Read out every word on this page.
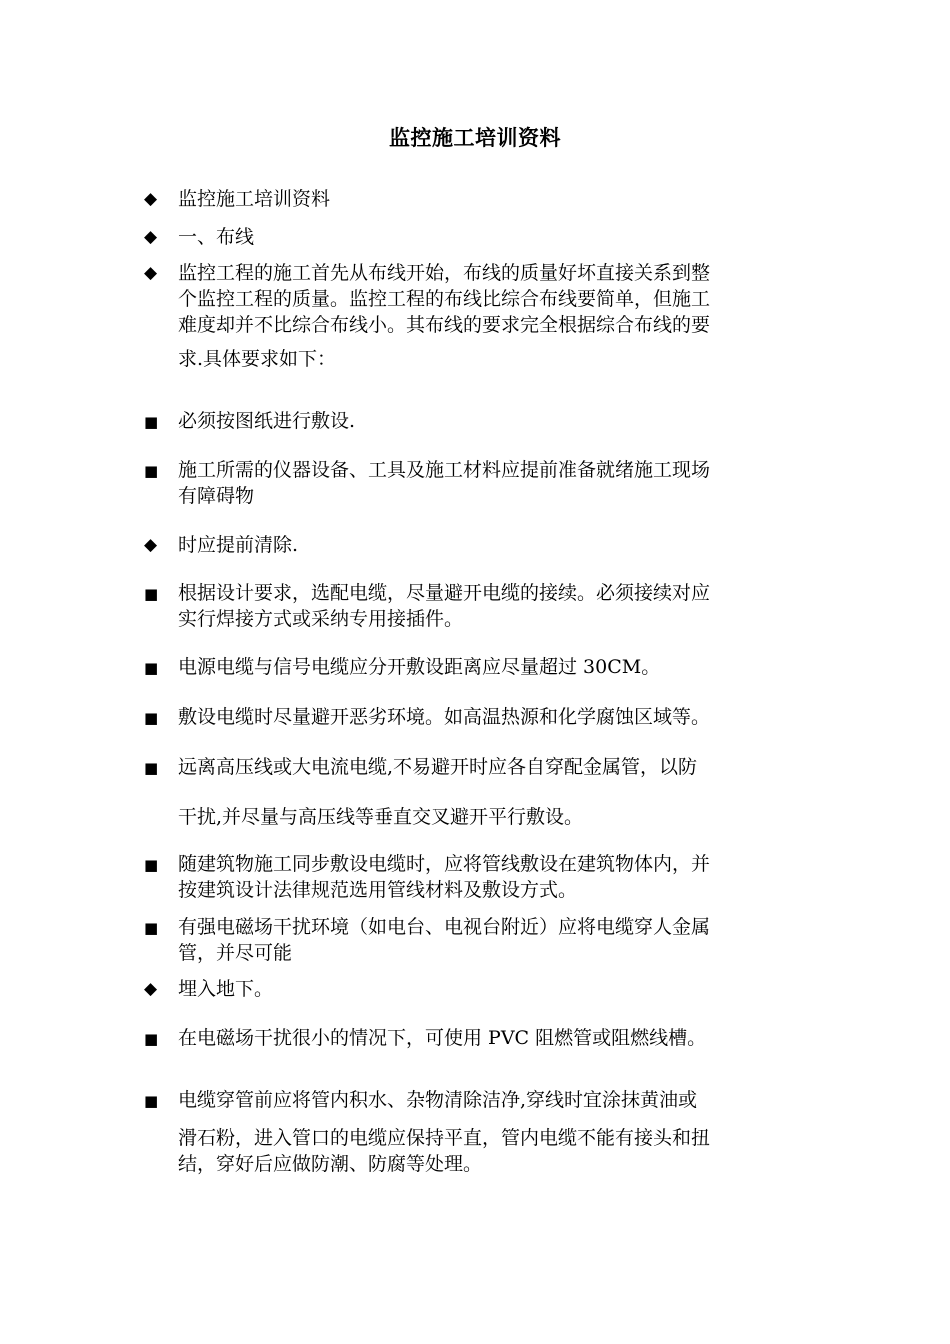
监控施工培训资料
◆	监控施工培训资料
◆	一、布线
◆	监控工程的施工首先从布线开始，布线的质量好坏直接关系到整
个监控工程的质量。监控工程的布线比综合布线要简单，但施工
难度却并不比综合布线小。其布线的要求完全根据综合布线的要
求.具体要求如下：
■	必须按图纸进行敷设.
■	施工所需的仪器设备、工具及施工材料应提前准备就绪施工现场
有障碍物
◆	时应提前清除.
■	根据设计要求，选配电缆，尽量避开电缆的接续。必须接续对应
实行焊接方式或采纳专用接插件。
■	电源电缆与信号电缆应分开敷设距离应尽量超过 30CM。
■	敷设电缆时尽量避开恶劣环境。如高温热源和化学腐蚀区域等。
■	远离高压线或大电流电缆,不易避开时应各自穿配金属管，以防
干扰,并尽量与高压线等垂直交叉避开平行敷设。
■	随建筑物施工同步敷设电缆时，应将管线敷设在建筑物体内，并
按建筑设计法律规范选用管线材料及敷设方式。
■	有强电磁场干扰环境（如电台、电视台附近）应将电缆穿人金属
管，并尽可能
◆	埋入地下。
■	在电磁场干扰很小的情况下，可使用 PVC 阻燃管或阻燃线槽。
■	电缆穿管前应将管内积水、杂物清除洁净,穿线时宜涂抹黄油或
滑石粉，进入管口的电缆应保持平直，管内电缆不能有接头和扭
结，穿好后应做防潮、防腐等处理。
